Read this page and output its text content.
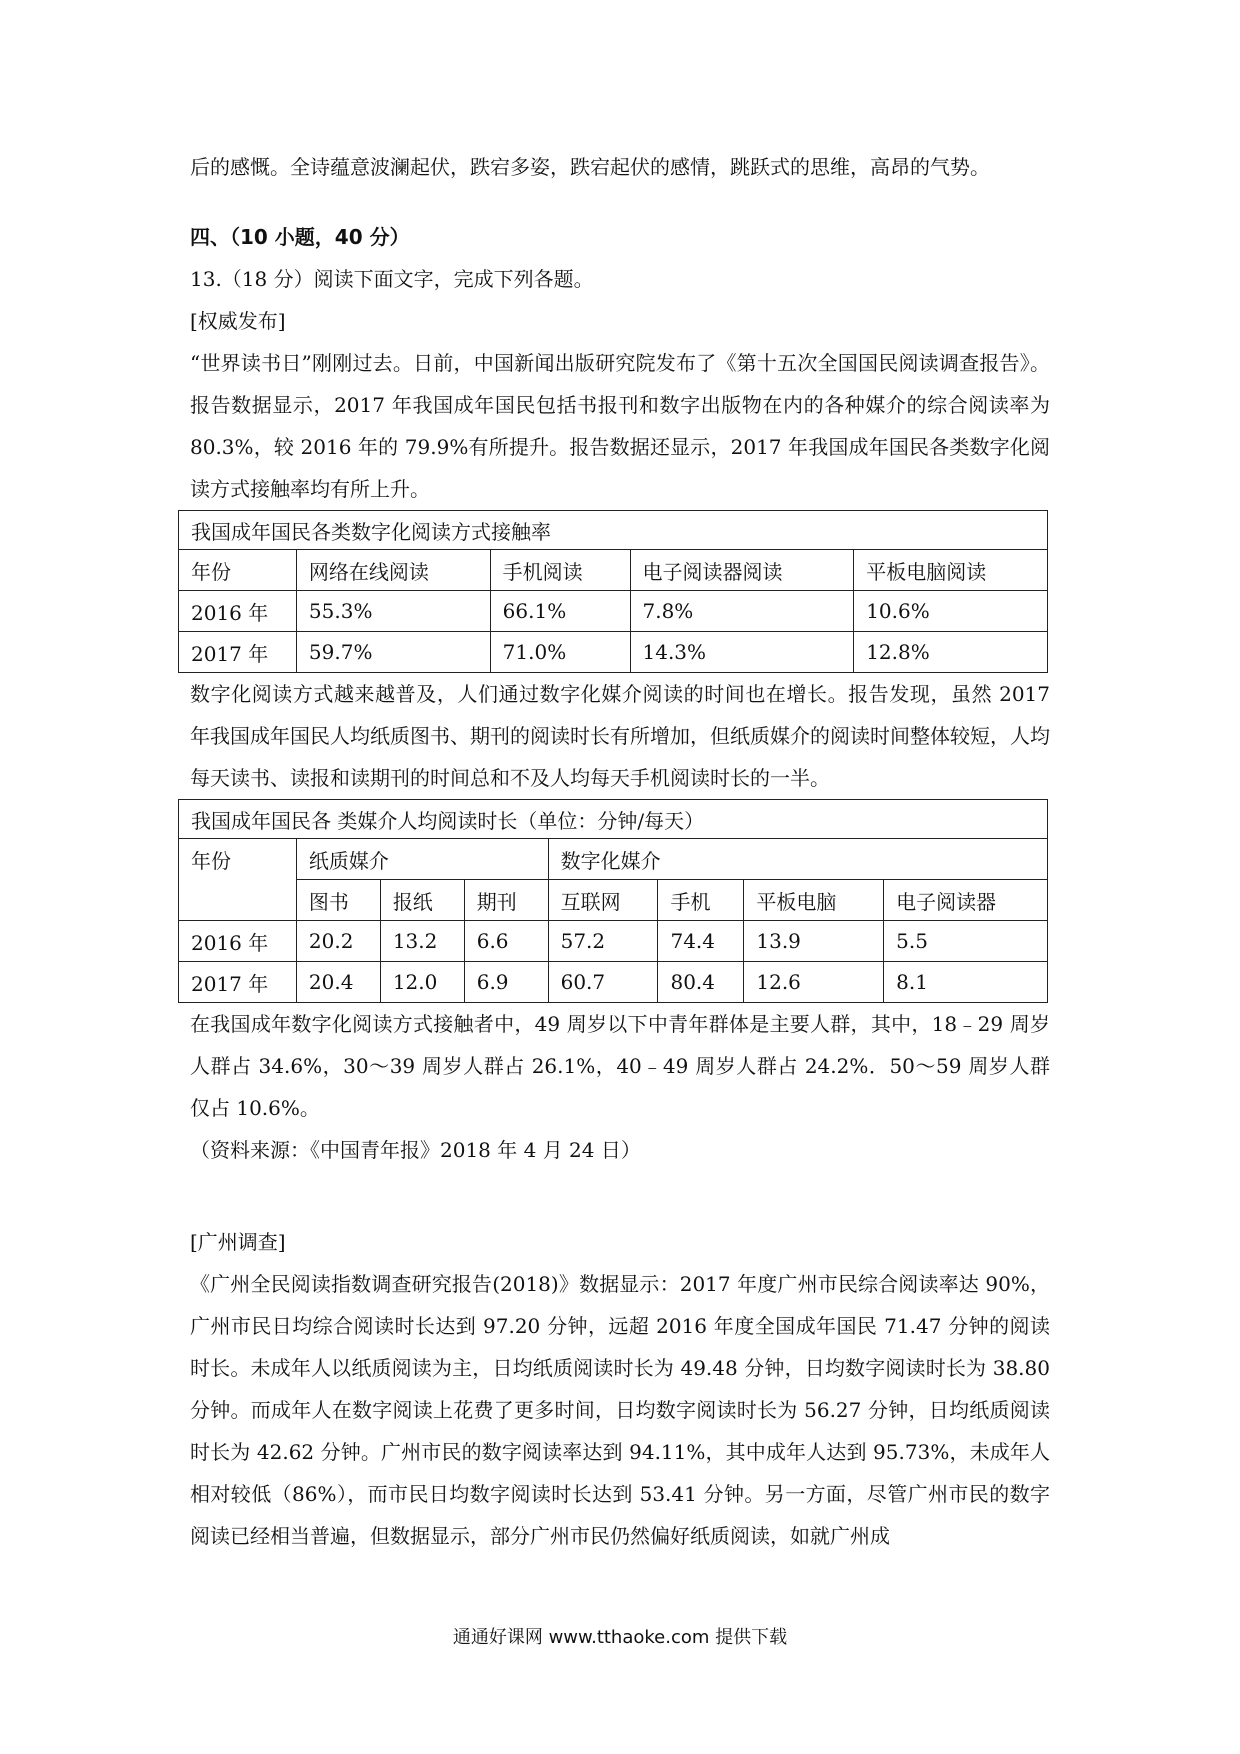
后的感慨。全诗蕴意波澜起伏，跌宕多姿，跌宕起伏的感情，跳跃式的思维，高昂的气势。

四、（10 小题，40 分）

13.（18 分）阅读下面文字，完成下列各题。

[权威发布]

“世界读书日”刚刚过去。日前，中国新闻出版研究院发布了《第十五次全国国民阅读调查报告》。报告数据显示，2017 年我国成年国民包括书报刊和数字出版物在内的各种媒介的综合阅读率为 80.3%，较 2016 年的 79.9%有所提升。报告数据还显示，2017 年我国成年国民各类数字化阅读方式接触率均有所上升。

我国成年国民各类数字化阅读方式接触率				
年份	网络在线阅读	手机阅读	电子阅读器阅读	平板电脑阅读
2016 年	55.3%	66.1%	7.8%	10.6%
2017 年	59.7%	71.0%	14.3%	12.8%

数字化阅读方式越来越普及，人们通过数字化媒介阅读的时间也在增长。报告发现，虽然 2017 年我国成年国民人均纸质图书、期刊的阅读时长有所增加，但纸质媒介的阅读时间整体较短，人均每天读书、读报和读期刊的时间总和不及人均每天手机阅读时长的一半。

我国成年国民各 类媒介人均阅读时长（单位：分钟/每天）							
年份	纸质媒介			数字化媒介			
	图书	报纸	期刊	互联网	手机	平板电脑	电子阅读器
2016 年	20.2	13.2	6.6	57.2	74.4	13.9	5.5
2017 年	20.4	12.0	6.9	60.7	80.4	12.6	8.1

在我国成年数字化阅读方式接触者中，49 周岁以下中青年群体是主要人群，其中，18﹣29 周岁人群占 34.6%，30～39 周岁人群占 26.1%，40﹣49 周岁人群占 24.2%．50～59 周岁人群仅占 10.6%。

（资料来源：《中国青年报》2018 年 4 月 24 日）

[广州调查]

《广州全民阅读指数调查研究报告(2018)》数据显示：2017 年度广州市民综合阅读率达 90%，广州市民日均综合阅读时长达到 97.20 分钟，远超 2016 年度全国成年国民 71.47 分钟的阅读时长。未成年人以纸质阅读为主，日均纸质阅读时长为 49.48 分钟，日均数字阅读时长为 38.80 分钟。而成年人在数字阅读上花费了更多时间，日均数字阅读时长为 56.27 分钟，日均纸质阅读时长为 42.62 分钟。广州市民的数字阅读率达到 94.11%，其中成年人达到 95.73%，未成年人相对较低（86%），而市民日均数字阅读时长达到 53.41 分钟。另一方面，尽管广州市民的数字阅读已经相当普遍，但数据显示，部分广州市民仍然偏好纸质阅读，如就广州成

通通好课网 www.tthaoke.com 提供下载
